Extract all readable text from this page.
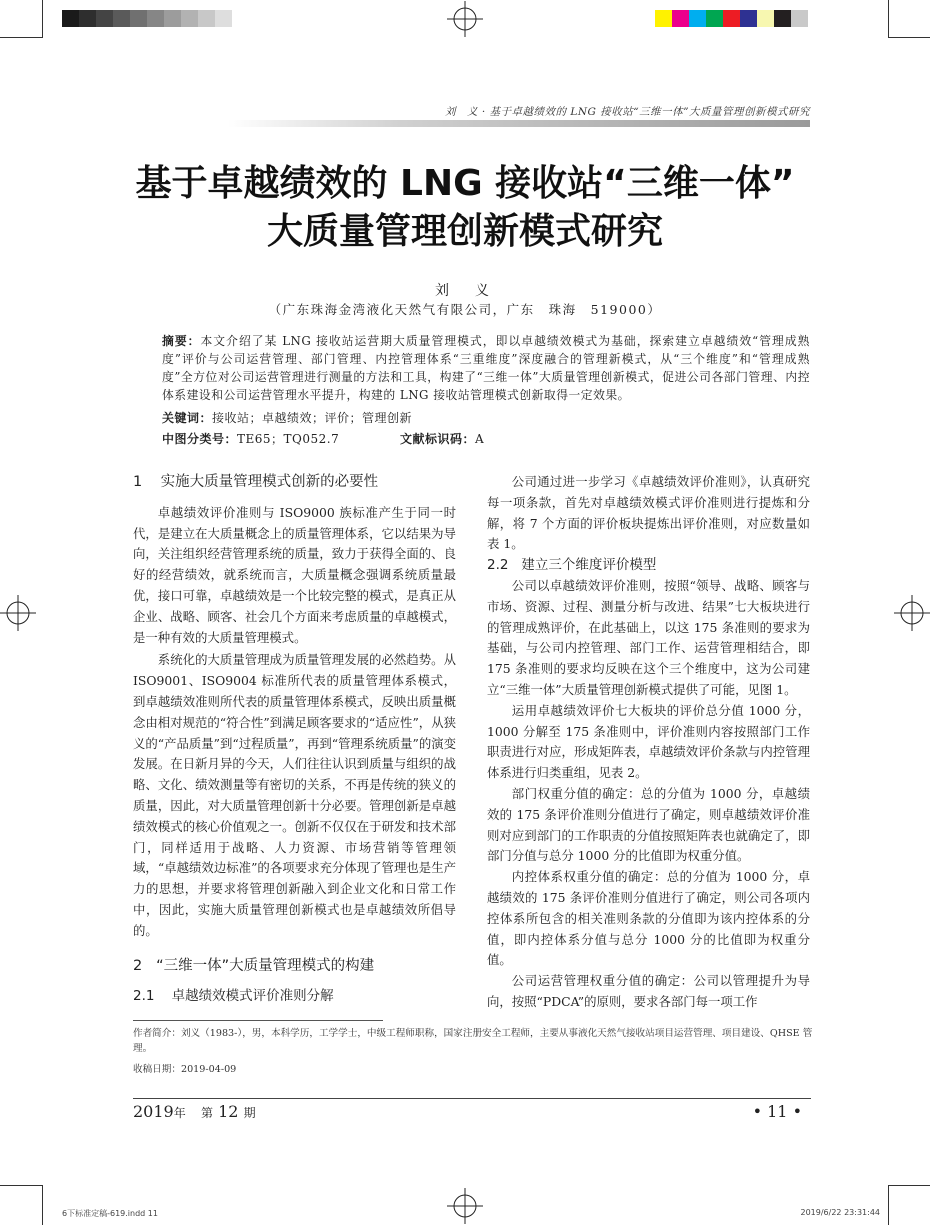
刘　义 · 基于卓越绩效的 LNG 接收站“三维一体”大质量管理创新模式研究
基于卓越绩效的 LNG 接收站“三维一体”
大质量管理创新模式研究
刘　义
（广东珠海金湾液化天然气有限公司，广东　珠海　519000）
摘要：本文介绍了某 LNG 接收站运营期大质量管理模式，即以卓越绩效模式为基础，探索建立卓越绩效“管理成熟度”评价与公司运营管理、部门管理、内控管理体系“三重维度”深度融合的管理新模式，从“三个维度”和“管理成熟度”全方位对公司运营管理进行测量的方法和工具，构建了“三维一体”大质量管理创新模式，促进公司各部门管理、内控体系建设和公司运营管理水平提升，构建的 LNG 接收站管理模式创新取得一定效果。
关键词：接收站；卓越绩效；评价；管理创新
中图分类号：TE65；TQ052.7	文献标识码：A
1 实施大质量管理模式创新的必要性

卓越绩效评价准则与 ISO9000 族标准产生于同一时代，是建立在大质量概念上的质量管理体系，它以结果为导向，关注组织经营管理系统的质量，致力于获得全面的、良好的经营绩效，就系统而言，大质量概念强调系统质量最优，接口可靠，卓越绩效是一个比较完整的模式，是真正从企业、战略、顾客、社会几个方面来考虑质量的卓越模式，是一种有效的大质量管理模式。

系统化的大质量管理成为质量管理发展的必然趋势。从 ISO9001、ISO9004 标准所代表的质量管理体系模式，到卓越绩效准则所代表的质量管理体系模式，反映出质量概念由相对规范的“符合性”到满足顾客要求的“适应性”，从狭义的“产品质量”到“过程质量”，再到“管理系统质量”的演变发展。在日新月异的今天，人们往往认识到质量与组织的战略、文化、绩效测量等有密切的关系，不再是传统的狭义的质量，因此，对大质量管理创新十分必要。管理创新是卓越绩效模式的核心价值观之一。创新不仅仅在于研发和技术部门，同样适用于战略、人力资源、市场营销等管理领域，“卓越绩效边标准”的各项要求充分体现了管理也是生产力的思想，并要求将管理创新融入到企业文化和日常工作中，因此，实施大质量管理创新模式也是卓越绩效所倡导的。

2 “三维一体”大质量管理模式的构建
2.1 卓越绩效模式评价准则分解

公司通过进一步学习《卓越绩效评价准则》，认真研究每一项条款，首先对卓越绩效模式评价准则进行提炼和分解，将 7 个方面的评价板块提炼出评价准则，对应数量如表 1。

2.2 建立三个维度评价模型

公司以卓越绩效评价准则，按照“领导、战略、顾客与市场、资源、过程、测量分析与改进、结果”七大板块进行的管理成熟评价，在此基础上，以这 175 条准则的要求为基础，与公司内控管理、部门工作、运营管理相结合，即 175 条准则的要求均反映在这个三个维度中，这为公司建立“三维一体”大质量管理创新模式提供了可能，见图 1。

运用卓越绩效评价七大板块的评价总分值 1000 分，1000 分解至 175 条准则中，评价准则内容按照部门工作职责进行对应，形成矩阵表，卓越绩效评价条款与内控管理体系进行归类重组，见表 2。

部门权重分值的确定：总的分值为 1000 分，卓越绩效的 175 条评价准则分值进行了确定，则卓越绩效评价准则对应到部门的工作职责的分值按照矩阵表也就确定了，即部门分值与总分 1000 分的比值即为权重分值。

内控体系权重分值的确定：总的分值为 1000 分，卓越绩效的 175 条评价准则分值进行了确定，则公司各项内控体系所包含的相关准则条款的分值即为该内控体系的分值，即内控体系分值与总分 1000 分的比值即为权重分值。

公司运营管理权重分值的确定：公司以管理提升为导向，按照“PDCA”的原则，要求各部门每一项工作

作者简介：刘义（1983-），男，本科学历，工学学士，中级工程师职称，国家注册安全工程师，主要从事液化天然气接收站项目运营管理、项目建设、QHSE 管理。
收稿日期：2019-04-09
2019年 第 12 期	• 11 •
6下标准定稿-619.indd 11	2019/6/22 23:31:44
